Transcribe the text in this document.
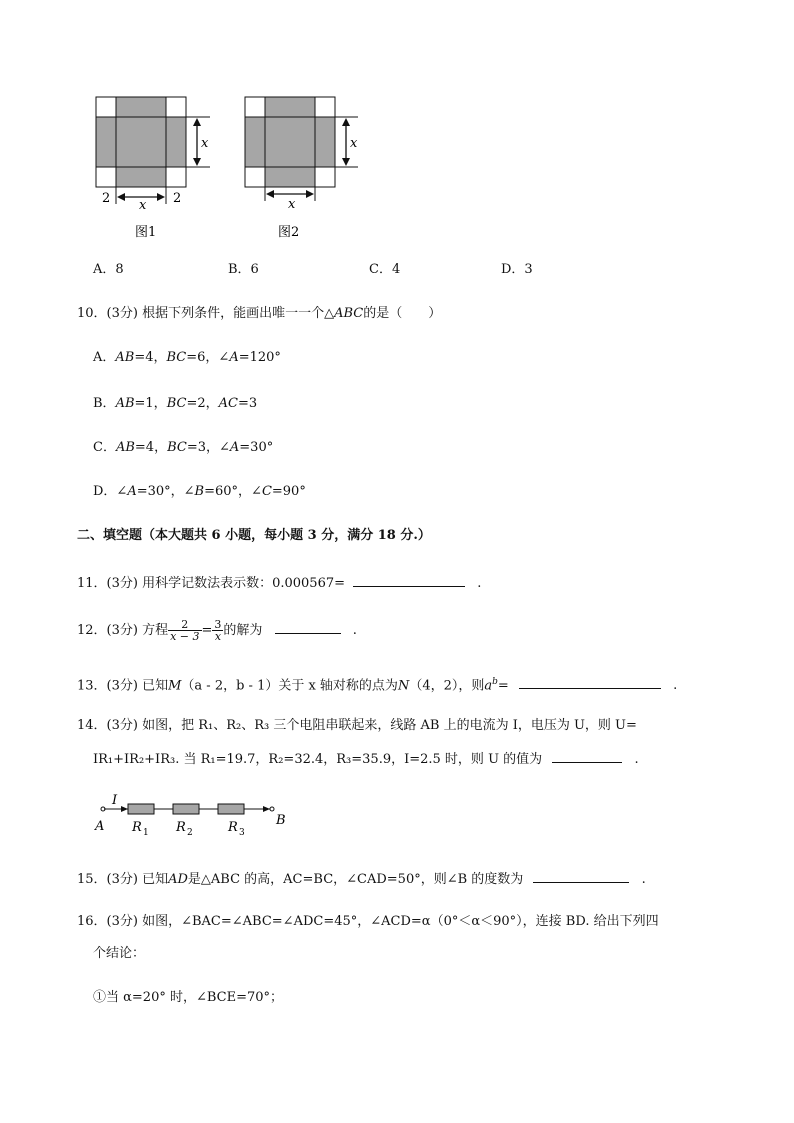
x
x
2	2
x
x
图1	图2
A．8	B．6	C．4	D．3
10．(3分) 根据下列条件，能画出唯一一个△ABC的是（　　）
A．AB=4，BC=6，∠A=120°
B．AB=1，BC=2，AC=3
C．AB=4，BC=3，∠A=30°
D．∠A=30°，∠B=60°，∠C=90°
二、填空题（本大题共 6 小题，每小题 3 分，满分 18 分.）
11．(3分) 用科学记数法表示数：0.000567=	.
12．(3分) 方程 $\frac{2}{x - 3} = \frac{3}{x}$ 的解为	.
13．(3分) 已知M（a - 2，b - 1）关于 x 轴对称的点为N（4，2），则$a^b=$	.
14．(3分) 如图，把 R₁、R₂、R₃ 三个电阻串联起来，线路 AB 上的电流为 I，电压为 U，则 U=
IR₁+IR₂+IR₃. 当 R₁=19.7，R₂=32.4，R₃=35.9，I=2.5 时，则 U 的值为	.
I
A	B
R 1 R 2	R 3
15．(3分) 已知AD是△ABC 的高，AC=BC，∠CAD=50°，则∠B 的度数为	.
16．(3分) 如图，∠BAC=∠ABC=∠ADC=45°，∠ACD=α（0°＜α＜90°），连接 BD. 给出下列四
个结论：
①当 α=20° 时，∠BCE=70°；
